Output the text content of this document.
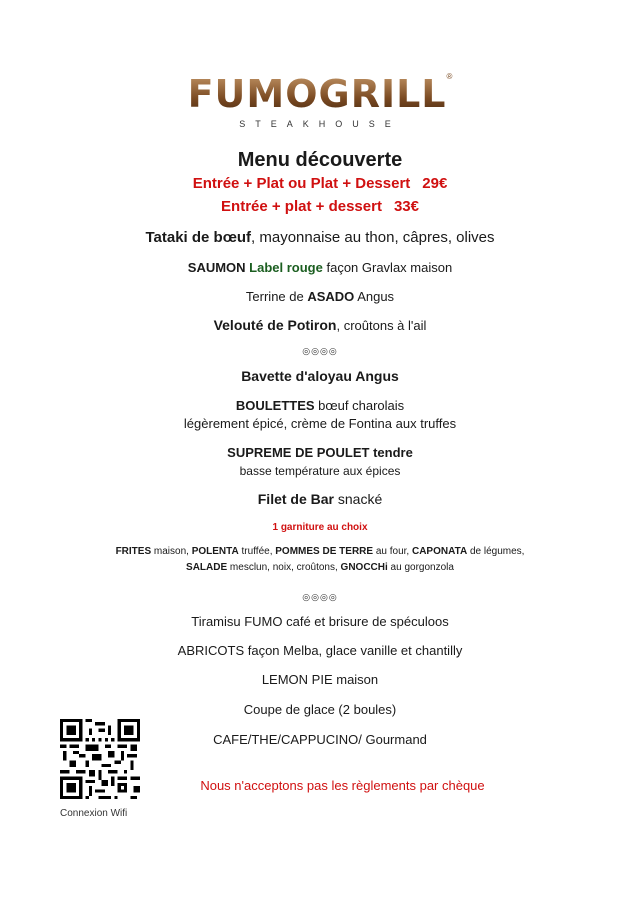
FUMOGRILL®
STEAKHOUSE
Menu découverte
Entrée + Plat ou Plat + Dessert 29€
Entrée + plat + dessert 33€
Tataki de bœuf, mayonnaise au thon, câpres, olives
SAUMON Label rouge façon Gravlax maison
Terrine de ASADO Angus
Velouté de Potiron, croûtons à l'ail
◎◎◎◎
Bavette d'aloyau Angus
BOULETTES bœuf charolais
légèrement épicé, crème de Fontina aux truffes
SUPREME DE POULET tendre
basse température aux épices
Filet de Bar snacké
1 garniture au choix
FRITES maison, POLENTA truffée, POMMES DE TERRE au four, CAPONATA de légumes,
SALADE mesclun, noix, croûtons, GNOCCHi au gorgonzola
◎◎◎◎
Tiramisu FUMO café et brisure de spéculoos
ABRICOTS façon Melba, glace vanille et chantilly
LEMON PIE maison
Coupe de glace (2 boules)
CAFE/THE/CAPPUCINO/ Gourmand
Nous n'acceptons pas les règlements par chèque
Connexion Wifi
